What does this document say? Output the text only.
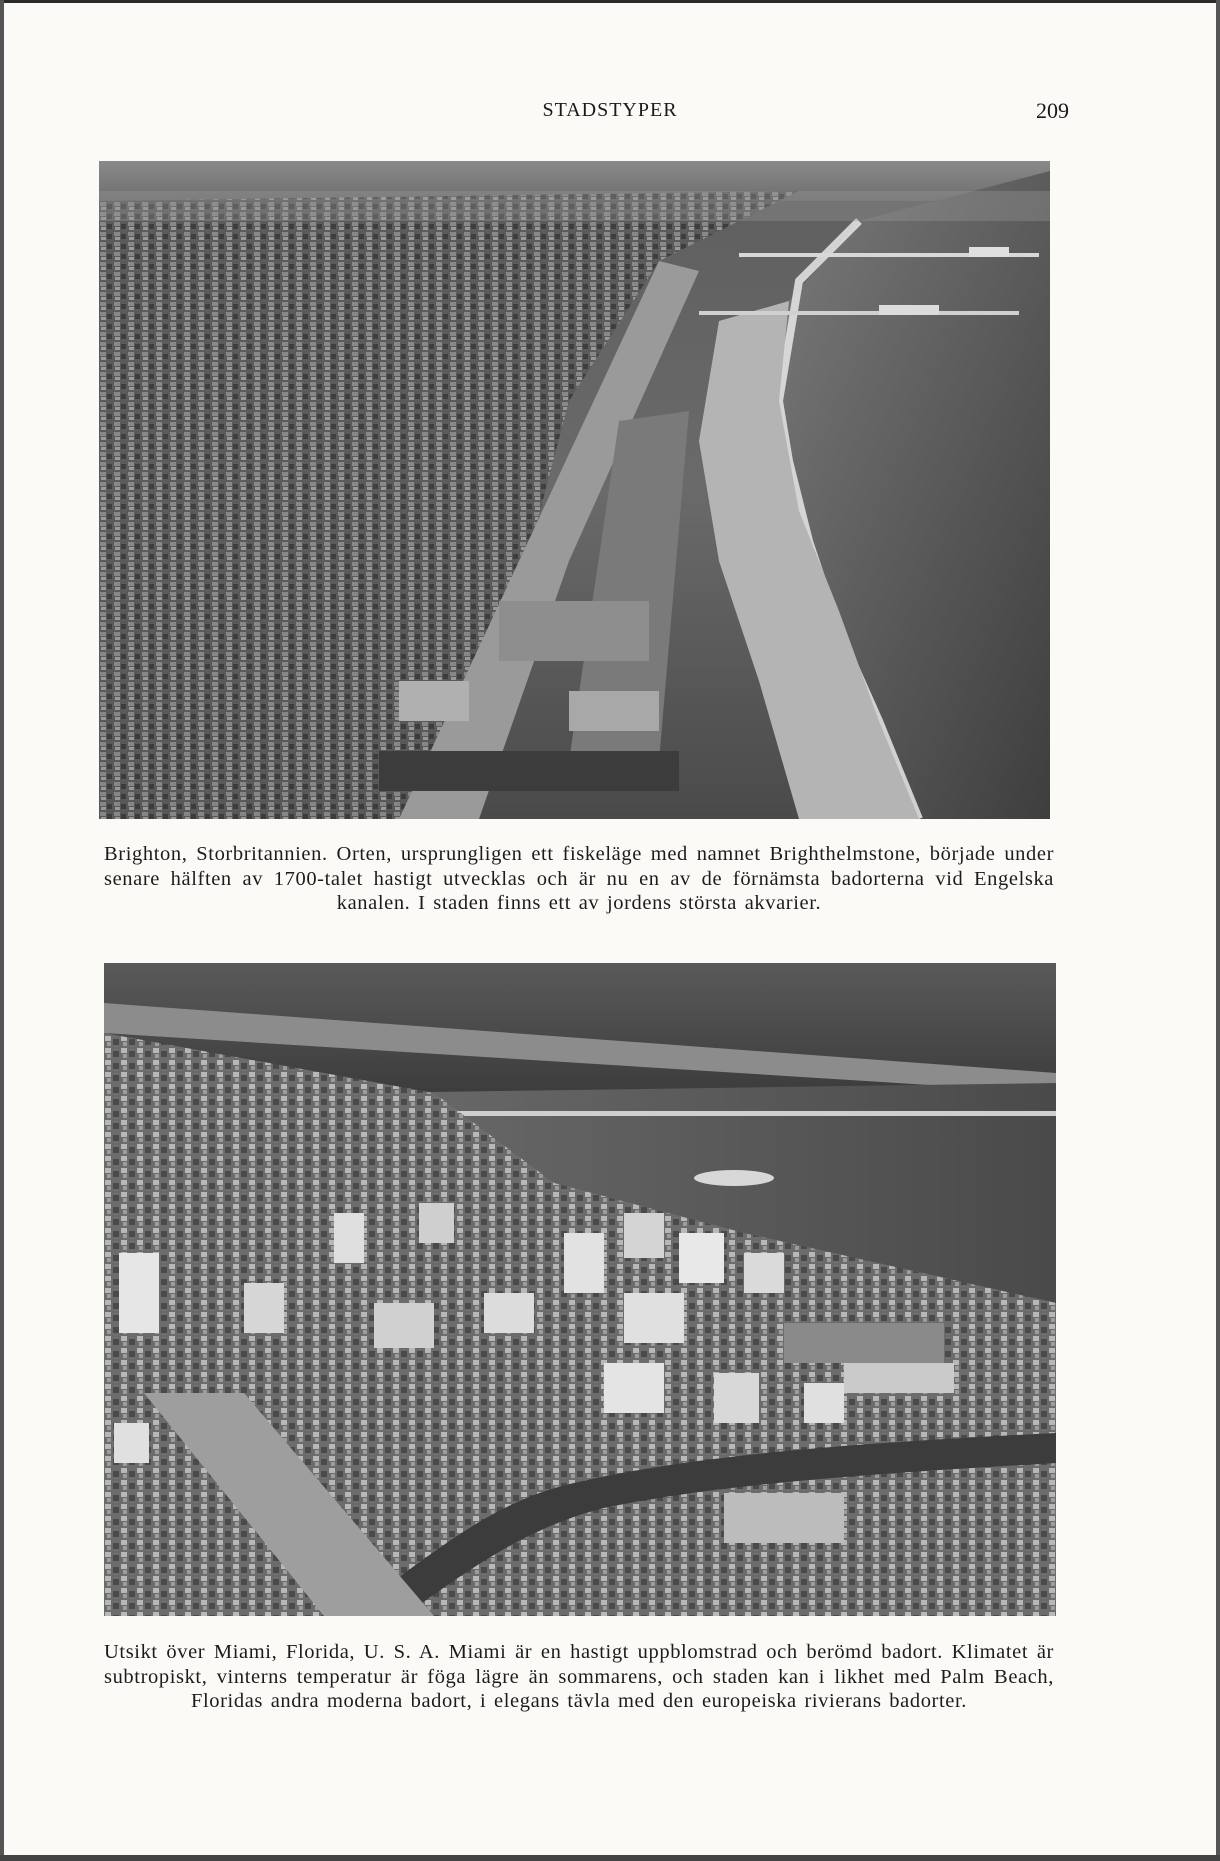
STADSTYPER	209
Brighton, Storbritannien. Orten, ursprungligen ett fiskeläge med namnet Brighthelmstone, började under senare hälften av 1700-talet hastigt utvecklas och är nu en av de förnämsta badorterna vid Engelska kanalen. I staden finns ett av jordens största akvarier.
Utsikt över Miami, Florida, U. S. A. Miami är en hastigt uppblomstrad och berömd badort. Klimatet är subtropiskt, vinterns temperatur är föga lägre än sommarens, och staden kan i likhet med Palm Beach, Floridas andra moderna badort, i elegans tävla med den europeiska rivierans badorter.
